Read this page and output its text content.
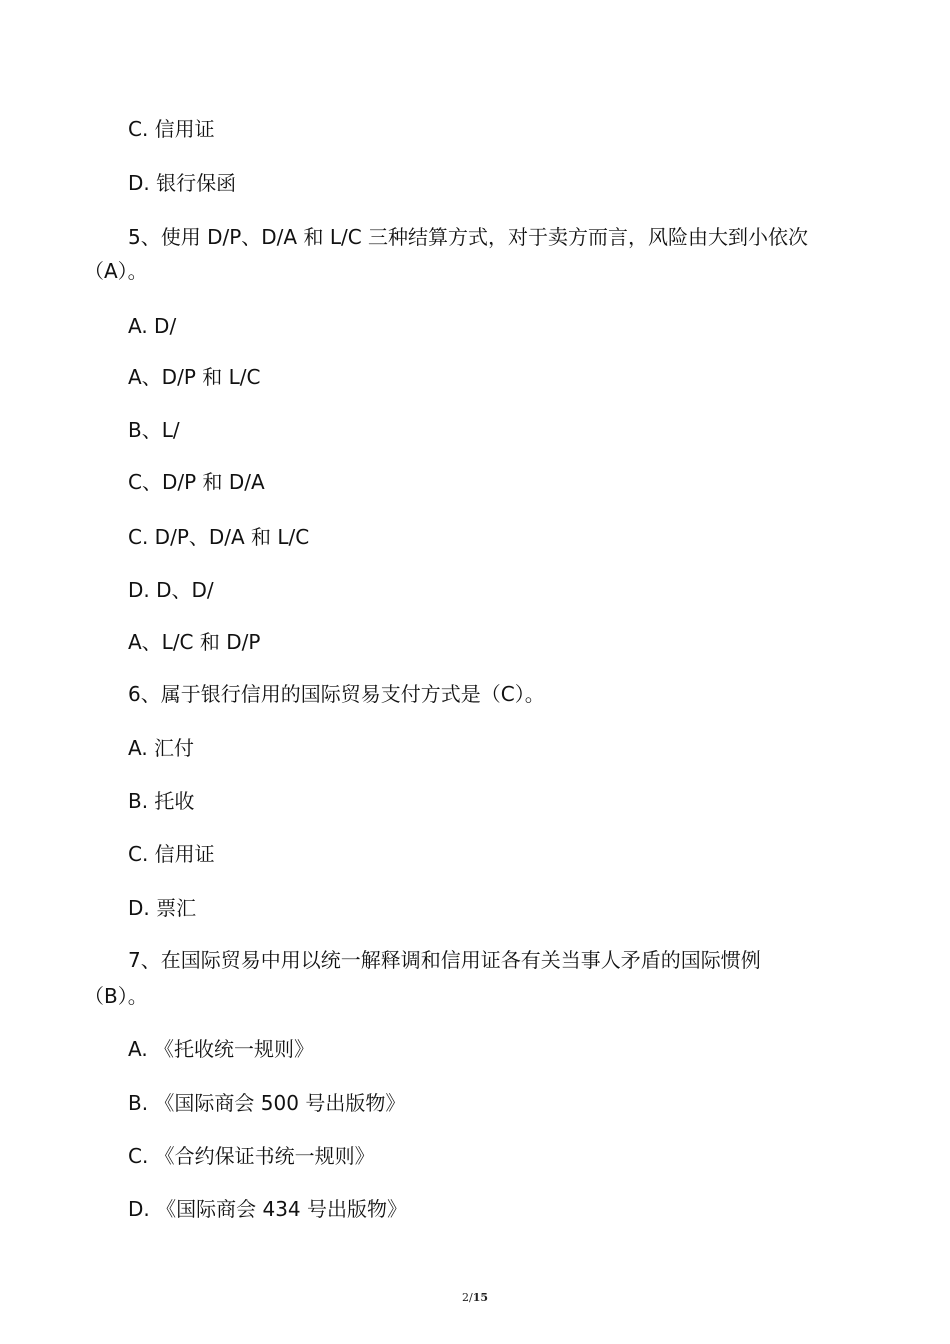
C. 信用证
D. 银行保函
5、使用 D/P、D/A 和 L/C 三种结算方式，对于卖方而言，风险由大到小依次
（A）。
A. D/
A、D/P 和 L/C
B、L/
C、D/P 和 D/A
C. D/P、D/A 和 L/C
D. D、D/
A、L/C 和 D/P
6、属于银行信用的国际贸易支付方式是（C）。
A. 汇付
B. 托收
C. 信用证
D. 票汇
7、在国际贸易中用以统一解释调和信用证各有关当事人矛盾的国际惯例
（B）。
A. 《托收统一规则》
B. 《国际商会 500 号出版物》
C. 《合约保证书统一规则》
D. 《国际商会 434 号出版物》
2/15
